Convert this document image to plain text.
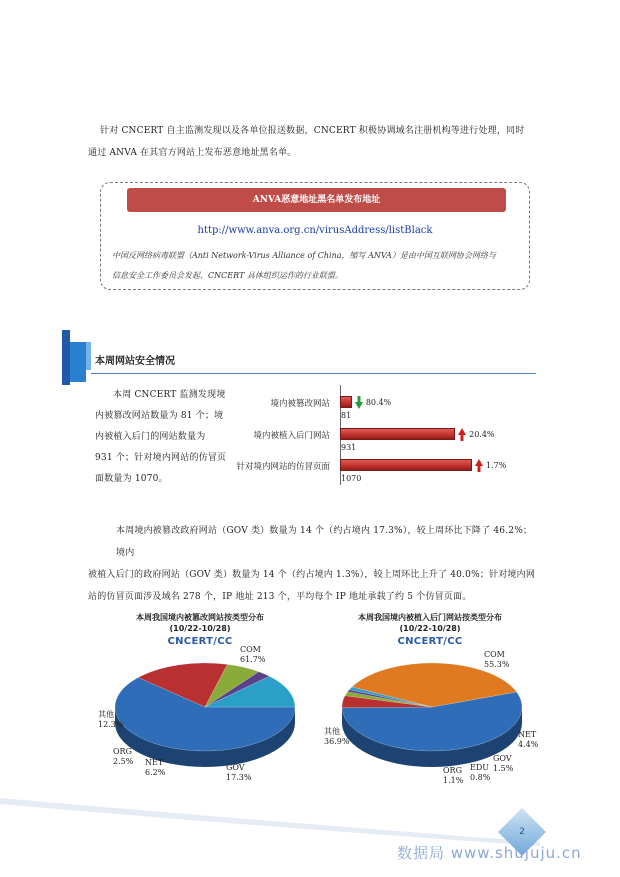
针对 CNCERT 自主监测发现以及各单位报送数据，CNCERT 积极协调域名注册机构等进行处理，同时
通过 ANVA 在其官方网站上发布恶意地址黑名单。
ANVA恶意地址黑名单发布地址
http://www.anva.org.cn/virusAddress/listBlack
中国反网络病毒联盟（Anti Network-Virus Alliance of China，缩写 ANVA）是由中国互联网协会网络与
信息安全工作委员会发起、CNCERT 具体组织运作的行业联盟。
本周网站安全情况
本周 CNCERT 监测发现境
内被篡改网站数量为 81 个；境
内被植入后门的网站数量为
931 个；针对境内网站的仿冒页
面数量为 1070。
境内被篡改网站
81
80.4%
境内被植入后门网站
931
20.4%
针对境内网站的仿冒页面
1070
1.7%
本周境内被篡改政府网站（GOV 类）数量为 14 个（约占境内 17.3%），较上周环比下降了 46.2%；境内
被植入后门的政府网站（GOV 类）数量为 14 个（约占境内 1.3%），较上周环比上升了 40.0%；针对境内网
站的仿冒页面涉及域名 278 个，IP 地址 213 个，平均每个 IP 地址承载了约 5 个仿冒页面。
本周我国境内被篡改网站按类型分布
(10/22-10/28)
CNCERT/CC
COM
61.7%
GOV
17.3%
NET
6.2%
ORG
2.5%
其他
12.3%
本周我国境内被植入后门网站按类型分布
(10/22-10/28)
CNCERT/CC
COM
55.3%
NET
4.4%
GOV
1.5%
EDU
0.8%
ORG
1.1%
其他
36.9%
2
数据局 www.shujuju.cn
